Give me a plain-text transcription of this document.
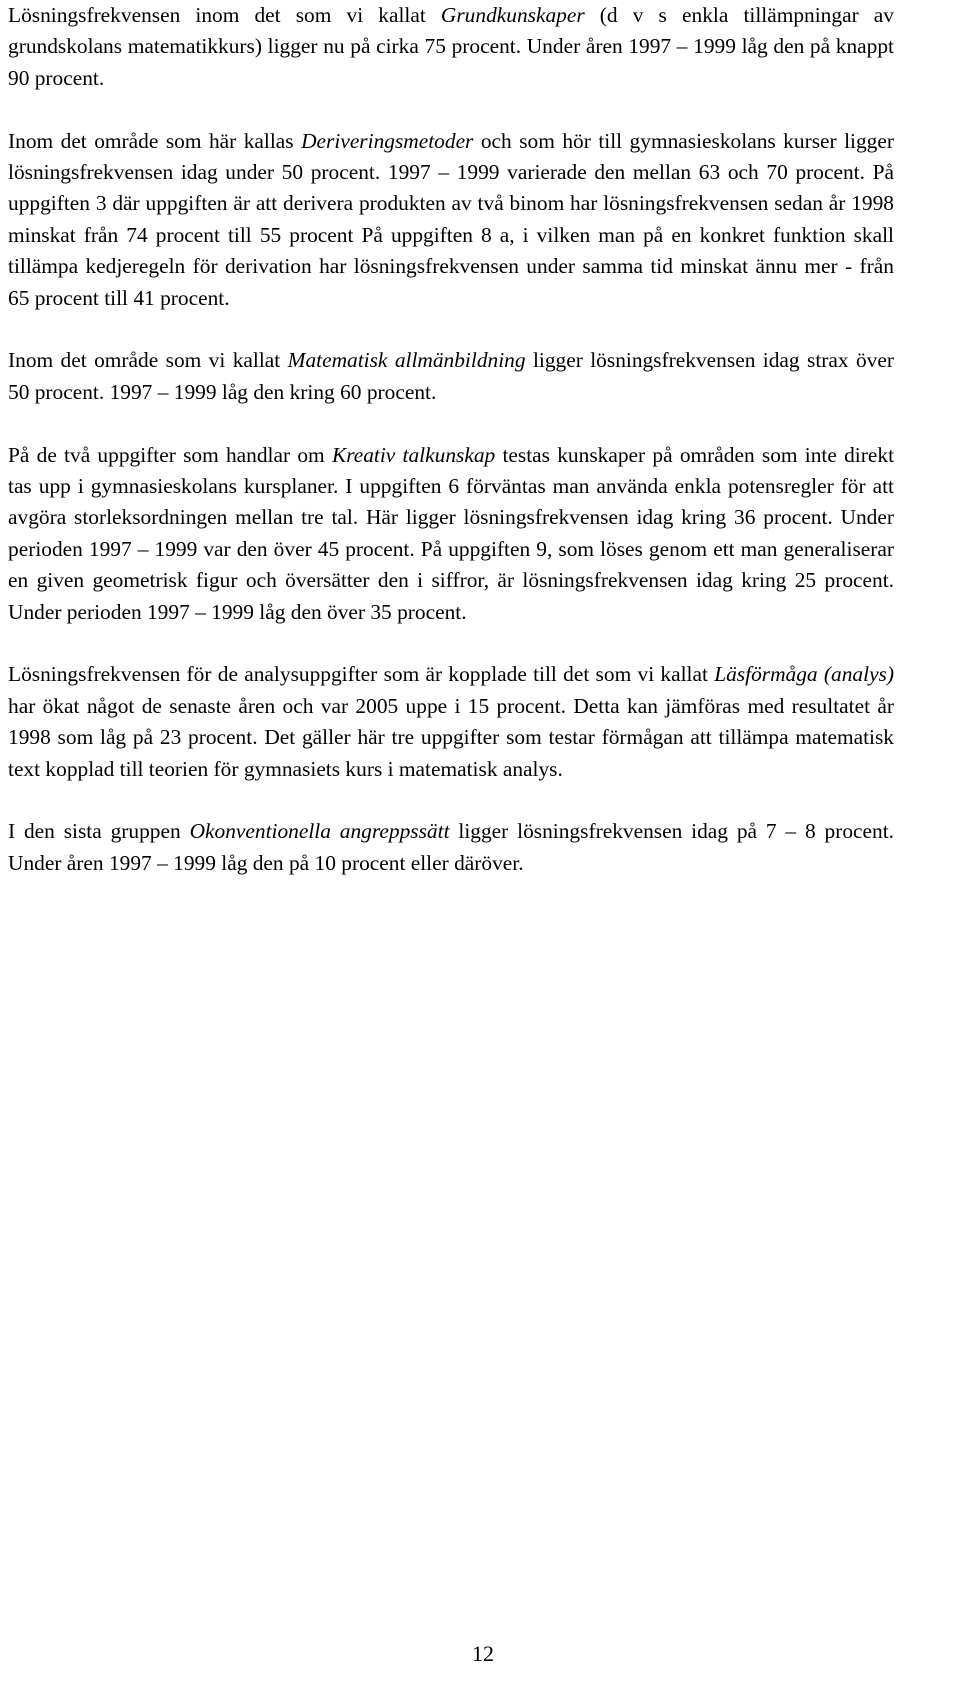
Lösningsfrekvensen inom det som vi kallat Grundkunskaper (d v s enkla tillämpningar av grundskolans matematikkurs) ligger nu på cirka 75 procent. Under åren 1997 – 1999 låg den på knappt 90 procent.

Inom det område som här kallas Deriveringsmetoder och som hör till gymnasieskolans kurser ligger lösningsfrekvensen idag under 50 procent. 1997 – 1999 varierade den mellan 63 och 70 procent. På uppgiften 3 där uppgiften är att derivera produkten av två binom har lösningsfrekvensen sedan år 1998 minskat från 74 procent till 55 procent På uppgiften 8 a, i vilken man på en konkret funktion skall tillämpa kedjeregeln för derivation har lösningsfrekvensen under samma tid minskat ännu mer - från 65 procent till 41 procent.

Inom det område som vi kallat Matematisk allmänbildning ligger lösningsfrekvensen idag strax över 50 procent. 1997 – 1999 låg den kring 60 procent.

På de två uppgifter som handlar om Kreativ talkunskap testas kunskaper på områden som inte direkt tas upp i gymnasieskolans kursplaner. I uppgiften 6 förväntas man använda enkla potensregler för att avgöra storleksordningen mellan tre tal. Här ligger lösningsfrekvensen idag kring 36 procent. Under perioden 1997 – 1999 var den över 45 procent. På uppgiften 9, som löses genom ett man generaliserar en given geometrisk figur och översätter den i siffror, är lösningsfrekvensen idag kring 25 procent. Under perioden 1997 – 1999 låg den över 35 procent.

Lösningsfrekvensen för de analysuppgifter som är kopplade till det som vi kallat Läsförmåga (analys) har ökat något de senaste åren och var 2005 uppe i 15 procent. Detta kan jämföras med resultatet år 1998 som låg på 23 procent. Det gäller här tre uppgifter som testar förmågan att tillämpa matematisk text kopplad till teorien för gymnasiets kurs i matematisk analys.

I den sista gruppen Okonventionella angreppssätt ligger lösningsfrekvensen idag på 7 – 8 procent. Under åren 1997 – 1999 låg den på 10 procent eller däröver.

12
